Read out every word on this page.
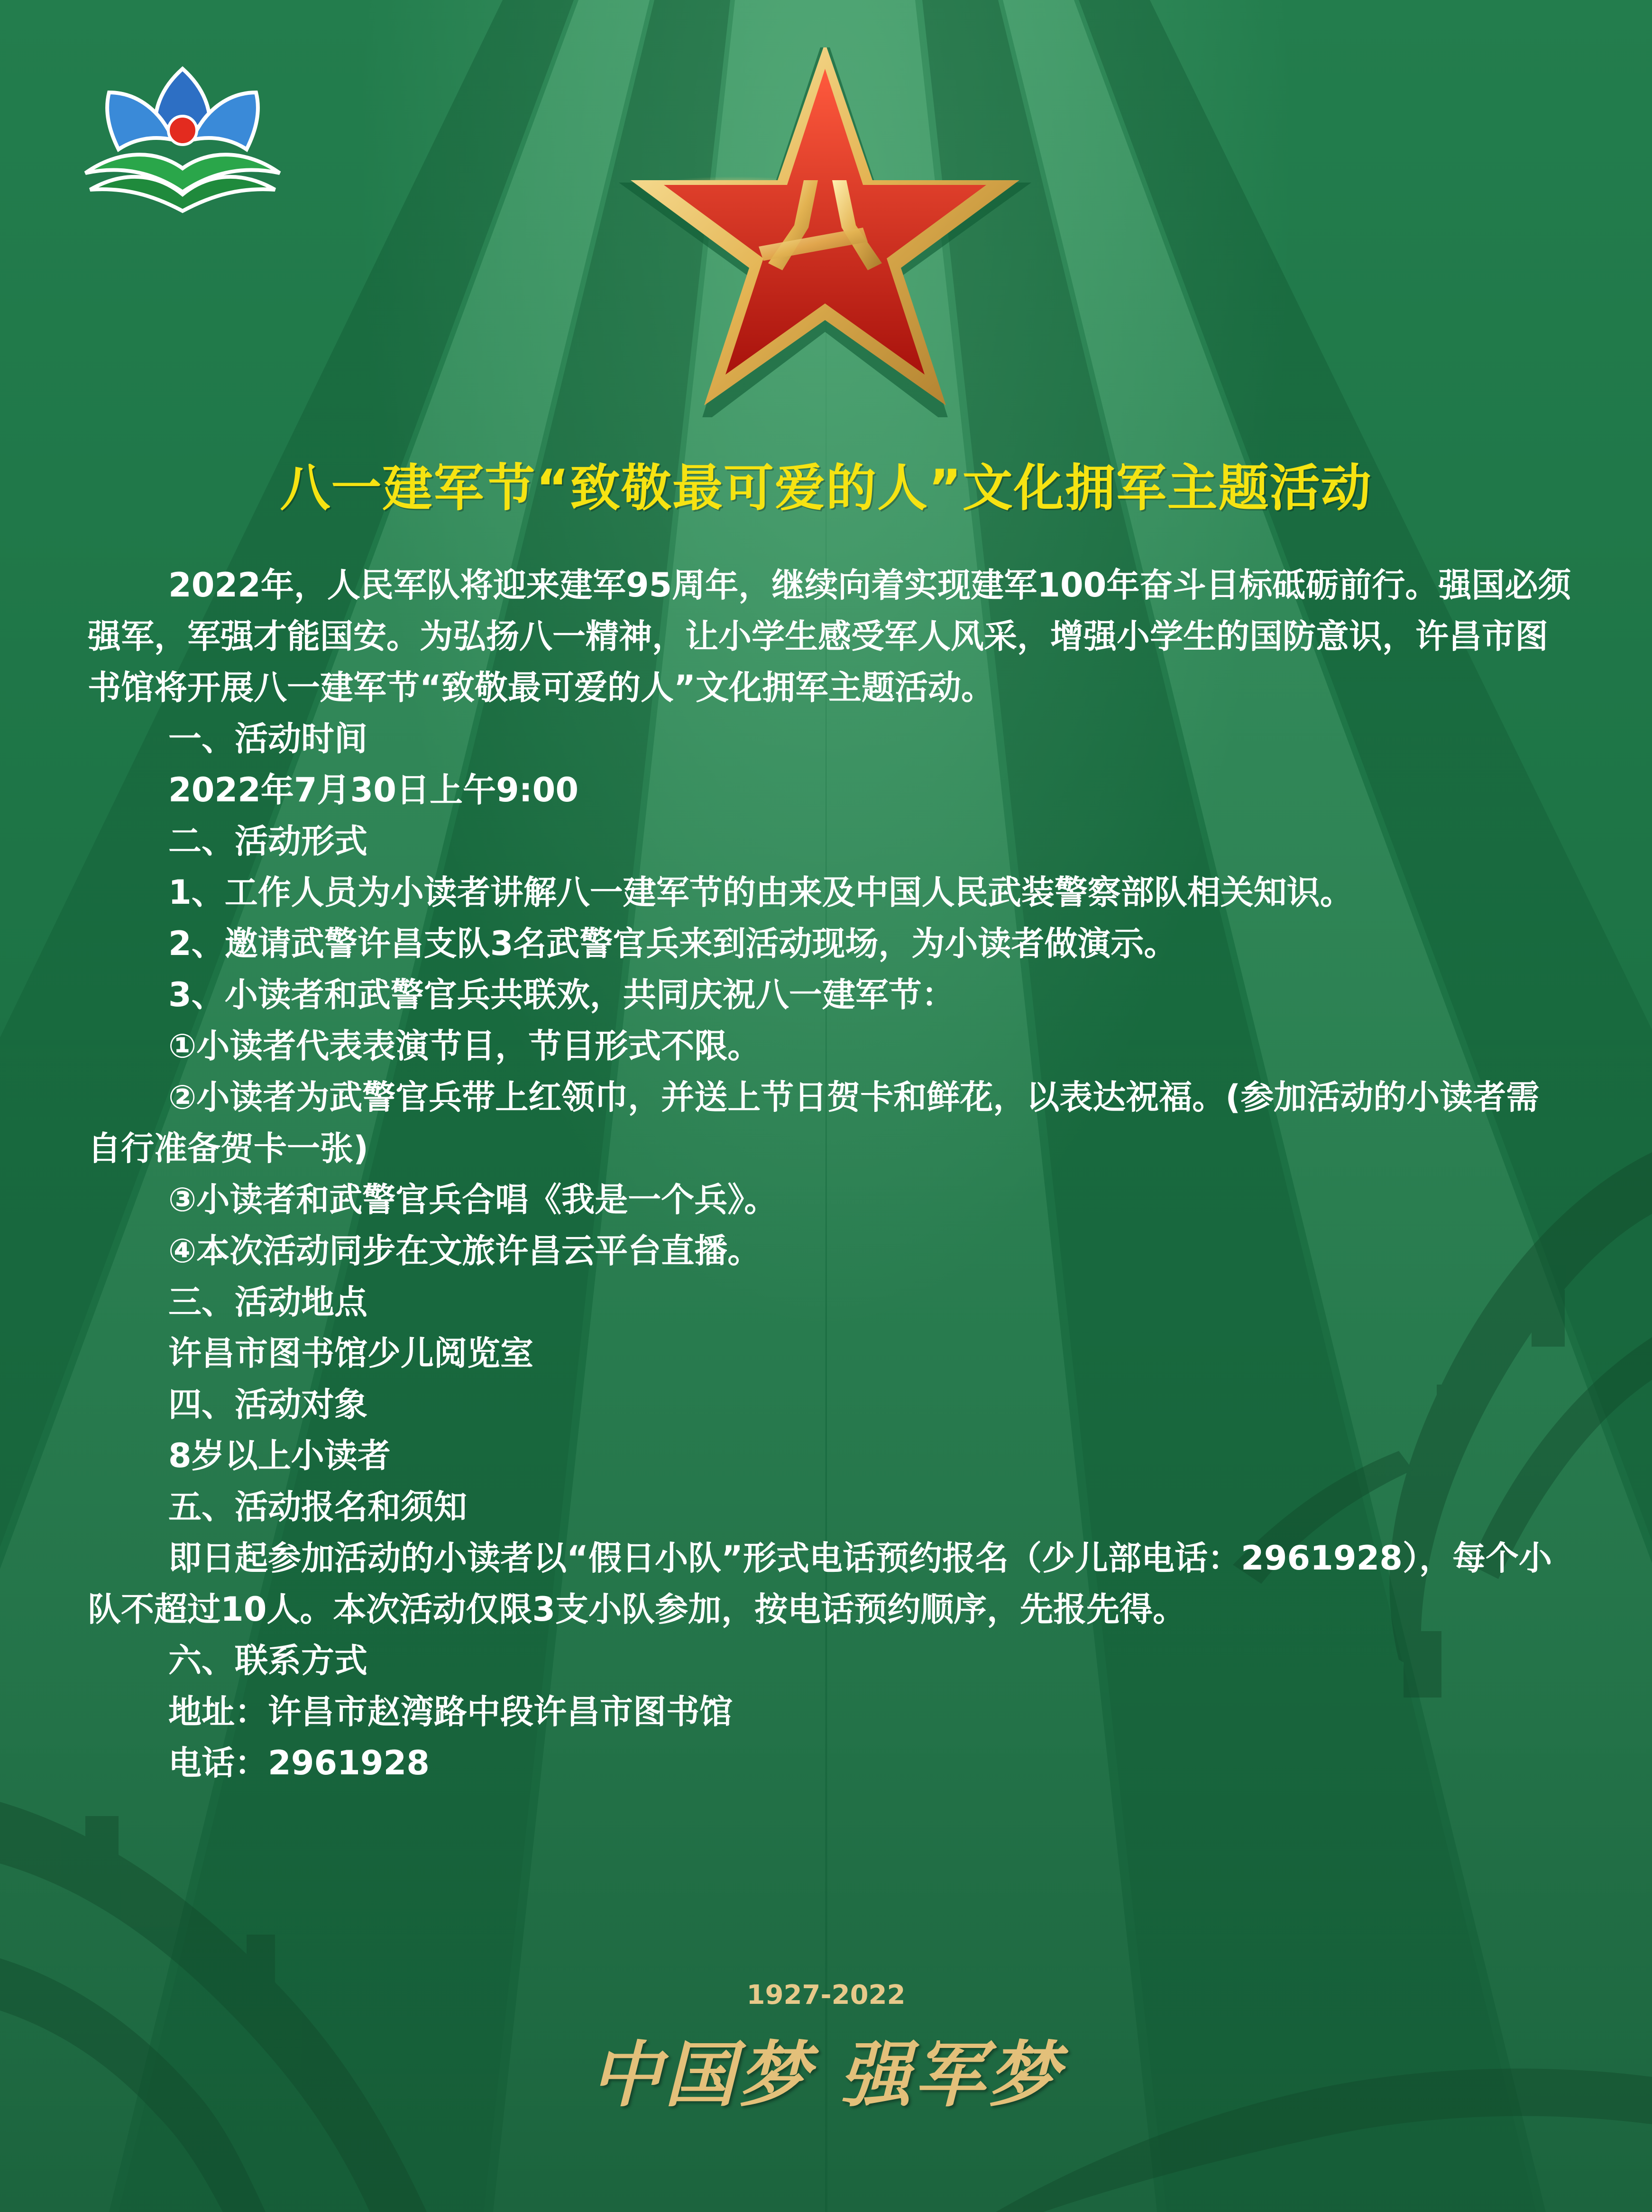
八一建军节“致敬最可爱的人”文化拥军主题活动

2022年，人民军队将迎来建军95周年，继续向着实现建军100年奋斗目标砥砺前行。强国必须强军，军强才能国安。为弘扬八一精神，让小学生感受军人风采，增强小学生的国防意识，许昌市图书馆将开展八一建军节“致敬最可爱的人”文化拥军主题活动。

一、活动时间

2022年7月30日上午9:00

二、活动形式

1、工作人员为小读者讲解八一建军节的由来及中国人民武装警察部队相关知识。

2、邀请武警许昌支队3名武警官兵来到活动现场，为小读者做演示。

3、小读者和武警官兵共联欢，共同庆祝八一建军节：

①小读者代表表演节目，节目形式不限。

②小读者为武警官兵带上红领巾，并送上节日贺卡和鲜花，以表达祝福。(参加活动的小读者需自行准备贺卡一张)

③小读者和武警官兵合唱《我是一个兵》。

④本次活动同步在文旅许昌云平台直播。

三、活动地点

许昌市图书馆少儿阅览室

四、活动对象

8岁以上小读者

五、活动报名和须知

即日起参加活动的小读者以“假日小队”形式电话预约报名（少儿部电话：2961928），每个小队不超过10人。本次活动仅限3支小队参加，按电话预约顺序，先报先得。

六、联系方式

地址：许昌市赵湾路中段许昌市图书馆

电话：2961928

1927-2022
中国梦 强军梦
